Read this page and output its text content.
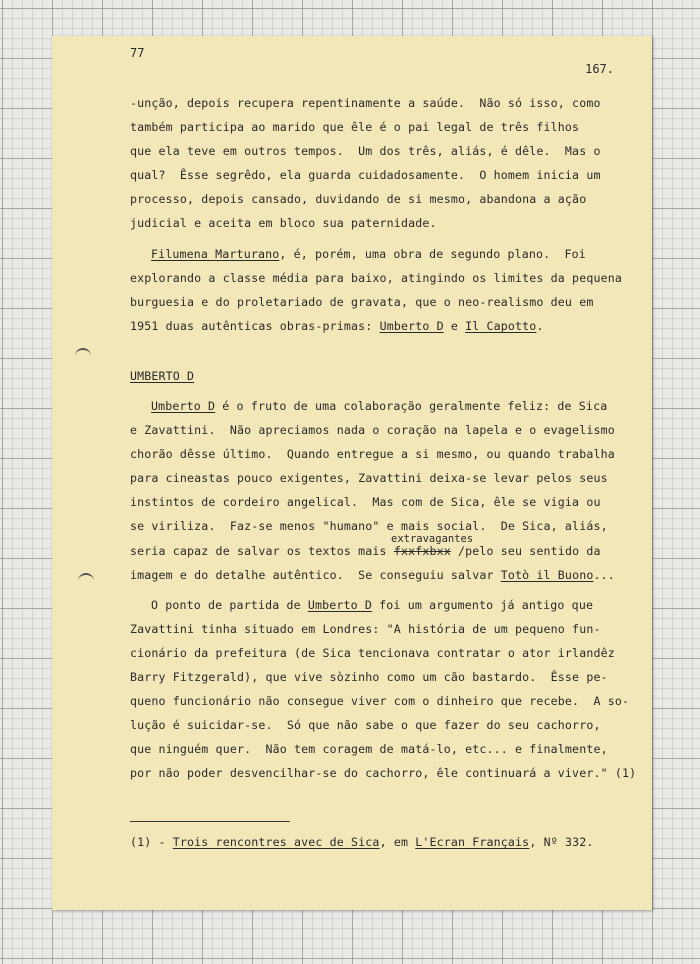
77
167.
-unção, depois recupera repentinamente a saúde.  Não só isso, como
também participa ao marido que êle é o pai legal de três filhos
que ela teve em outros tempos.  Um dos três, aliás, é dêle.  Mas o
qual?  Êsse segrêdo, ela guarda cuidadosamente.  O homem inicia um
processo, depois cansado, duvidando de si mesmo, abandona a ação
judicial e aceita em bloco sua paternidade.
Filumena Marturano, é, porém, uma obra de segundo plano.  Foi
explorando a classe média para baixo, atingindo os limites da pequena
burguesia e do proletariado de gravata, que o neo-realismo deu em
1951 duas autênticas obras-primas: Umberto D e Il Capotto.
UMBERTO D
Umberto D é o fruto de uma colaboração geralmente feliz: de Sica
e Zavattini.  Não apreciamos nada o coração na lapela e o evagelismo
chorão dêsse último.  Quando entregue a si mesmo, ou quando trabalha
para cineastas pouco exigentes, Zavattini deixa-se levar pelos seus
instintos de cordeiro angelical.  Mas com de Sica, êle se vigia ou
se viriliza.  Faz-se menos "humano" e mais social.  De Sica, aliás,
extravagantes
seria capaz de salvar os textos mais fxxfxbxx /pelo seu sentido da
imagem e do detalhe autêntico.  Se conseguiu salvar Totò il Buono...
O ponto de partida de Umberto D foi um argumento já antigo que
Zavattini tinha situado em Londres: "A história de um pequeno fun-
cionário da prefeitura (de Sica tencionava contratar o ator irlandêz
Barry Fitzgerald), que vive sòzinho como um cão bastardo.  Êsse pe-
queno funcionário não consegue viver com o dinheiro que recebe.  A so-
lução é suicidar-se.  Só que não sabe o que fazer do seu cachorro,
que ninguém quer.  Não tem coragem de matá-lo, etc... e finalmente,
por não poder desvencilhar-se do cachorro, êle continuará a viver." (1)
(1) - Trois rencontres avec de Sica, em L'Ecran Français, Nº 332.
